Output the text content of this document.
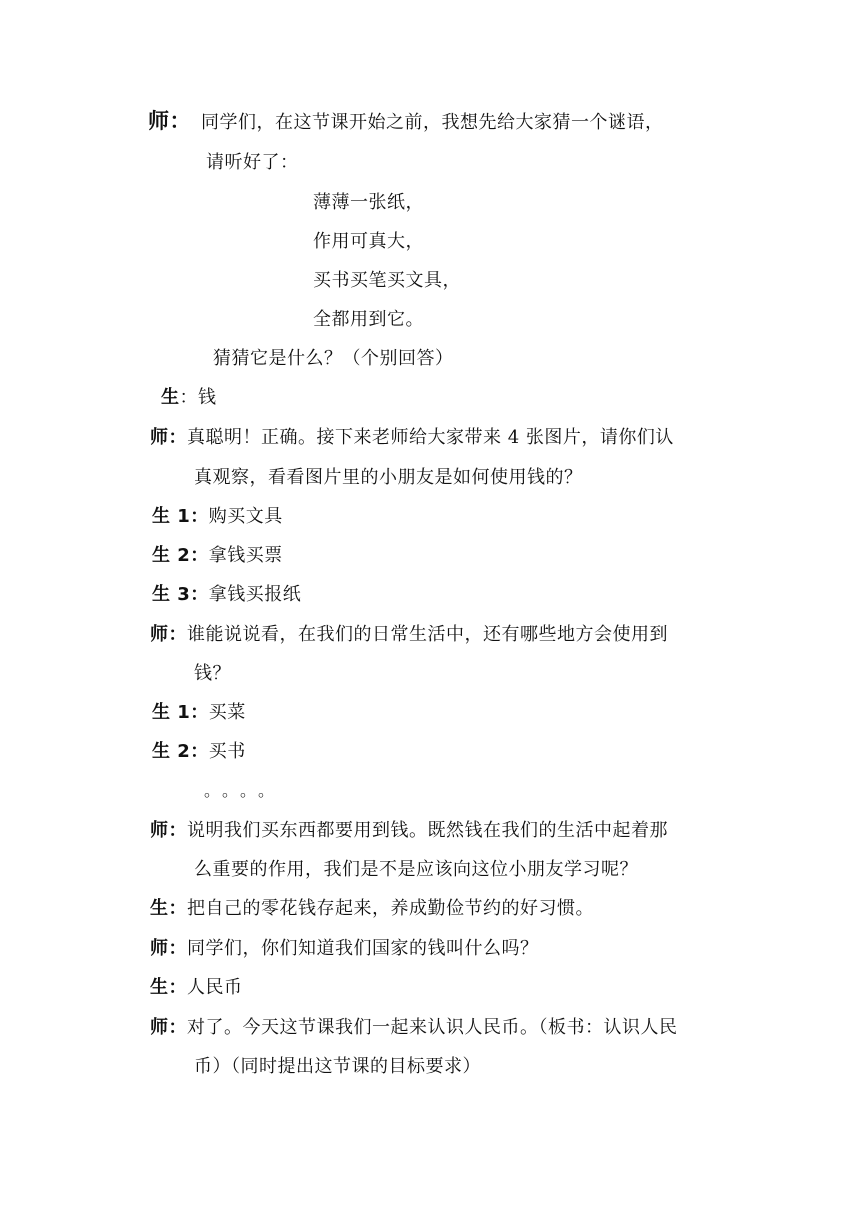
师： 同学们，在这节课开始之前，我想先给大家猜一个谜语，
请听好了：
薄薄一张纸，
作用可真大，
买书买笔买文具，
全都用到它。
猜猜它是什么？（个别回答）
生：钱
师：真聪明！正确。接下来老师给大家带来 4 张图片，请你们认
真观察，看看图片里的小朋友是如何使用钱的？
生 1：购买文具
生 2：拿钱买票
生 3：拿钱买报纸
师：谁能说说看，在我们的日常生活中，还有哪些地方会使用到
钱？
生 1：买菜
生 2：买书
。。。。
师：说明我们买东西都要用到钱。既然钱在我们的生活中起着那
么重要的作用，我们是不是应该向这位小朋友学习呢？
生：把自己的零花钱存起来，养成勤俭节约的好习惯。
师：同学们，你们知道我们国家的钱叫什么吗？
生：人民币
师：对了。今天这节课我们一起来认识人民币。（板书：认识人民
币）（同时提出这节课的目标要求）
